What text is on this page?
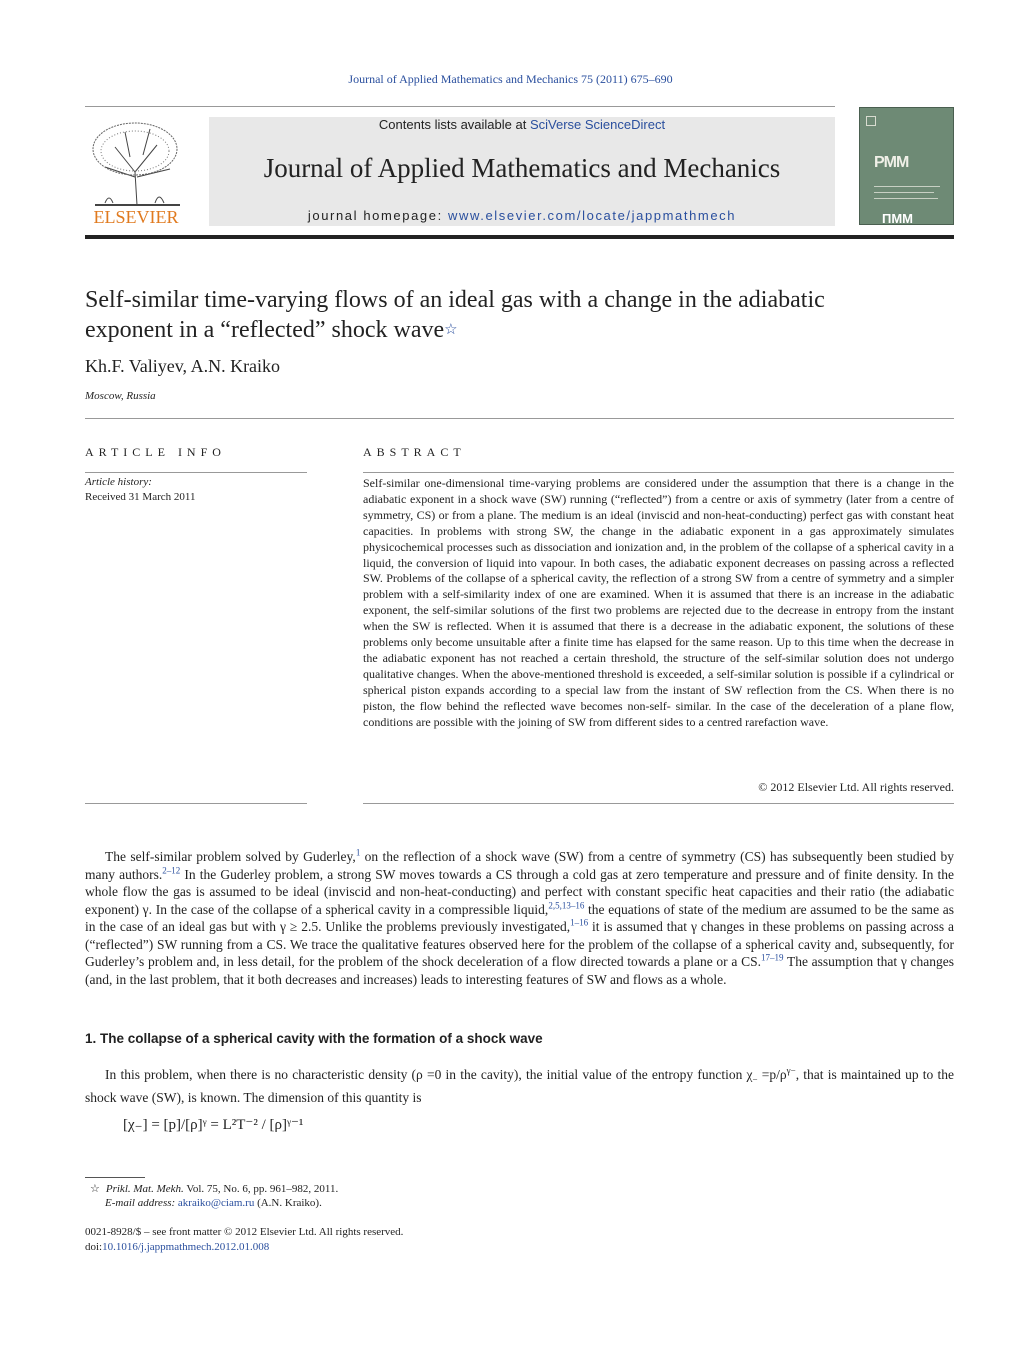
Journal of Applied Mathematics and Mechanics 75 (2011) 675–690
ELSEVIER
Contents lists available at SciVerse ScienceDirect
Journal of Applied Mathematics and Mechanics
journal homepage: www.elsevier.com/locate/jappmathmech
PMM
ПММ
Self-similar time-varying flows of an ideal gas with a change in the adiabatic
exponent in a “reflected” shock wave☆
Kh.F. Valiyev, A.N. Kraiko
Moscow, Russia
ARTICLE INFO	ABSTRACT
Article history:
Received 31 March 2011
Self-similar one-dimensional time-varying problems are considered under the assumption that there is a change in the adiabatic exponent in a shock wave (SW) running (“reflected”) from a centre or axis of symmetry (later from a centre of symmetry, CS) or from a plane. The medium is an ideal (inviscid and non-heat-conducting) perfect gas with constant heat capacities. In problems with strong SW, the change in the adiabatic exponent in a gas approximately simulates physicochemical processes such as dissociation and ionization and, in the problem of the collapse of a spherical cavity in a liquid, the conversion of liquid into vapour. In both cases, the adiabatic exponent decreases on passing across a reflected SW. Problems of the collapse of a spherical cavity, the reflection of a strong SW from a centre of symmetry and a simpler problem with a self-similarity index of one are examined. When it is assumed that there is an increase in the adiabatic exponent, the self-similar solutions of the first two problems are rejected due to the decrease in entropy from the instant when the SW is reflected. When it is assumed that there is a decrease in the adiabatic exponent, the solutions of these problems only become unsuitable after a finite time has elapsed for the same reason. Up to this time when the decrease in the adiabatic exponent has not reached a certain threshold, the structure of the self-similar solution does not undergo qualitative changes. When the above-mentioned threshold is exceeded, a self-similar solution is possible if a cylindrical or spherical piston expands according to a special law from the instant of SW reflection from the CS. When there is no piston, the flow behind the reflected wave becomes non-self- similar. In the case of the deceleration of a plane flow, conditions are possible with the joining of SW from different sides to a centred rarefaction wave.
© 2012 Elsevier Ltd. All rights reserved.

The self-similar problem solved by Guderley,$^1$ on the reflection of a shock wave (SW) from a centre of symmetry (CS) has subsequently been studied by many authors.$^{2-12}$ In the Guderley problem, a strong SW moves towards a CS through a cold gas at zero temperature and pressure and of finite density. In the whole flow the gas is assumed to be ideal (inviscid and non-heat-conducting) and perfect with constant specific heat capacities and their ratio (the adiabatic exponent) γ. In the case of the collapse of a spherical cavity in a compressible liquid,$^{2,5,13-16}$ the equations of state of the medium are assumed to be the same as in the case of an ideal gas but with γ ≥ 2.5. Unlike the problems previously investigated,$^{1-16}$ it is assumed that γ changes in these problems on passing across a (“reflected”) SW running from a CS. We trace the qualitative features observed here for the problem of the collapse of a spherical cavity and, subsequently, for Guderley’s problem and, in less detail, for the problem of the shock deceleration of a flow directed towards a plane or a CS.$^{17-19}$ The assumption that γ changes (and, in the last problem, that it both decreases and increases) leads to interesting features of SW and flows as a whole.

1. The collapse of a spherical cavity with the formation of a shock wave

In this problem, when there is no characteristic density (ρ =0 in the cavity), the initial value of the entropy function $\chi_- =p/\rho^{\gamma-}$, that is maintained up to the shock wave (SW), is known. The dimension of this quantity is

[χ₋] = [p]/[ρ]ᵞ = L²T⁻² / [ρ]ᵞ⁻¹
☆ Prikl. Mat. Mekh. Vol. 75, No. 6, pp. 961–982, 2011.
E-mail address: akraiko@ciam.ru (A.N. Kraiko).
0021-8928/$ – see front matter © 2012 Elsevier Ltd. All rights reserved.
doi:10.1016/j.jappmathmech.2012.01.008
